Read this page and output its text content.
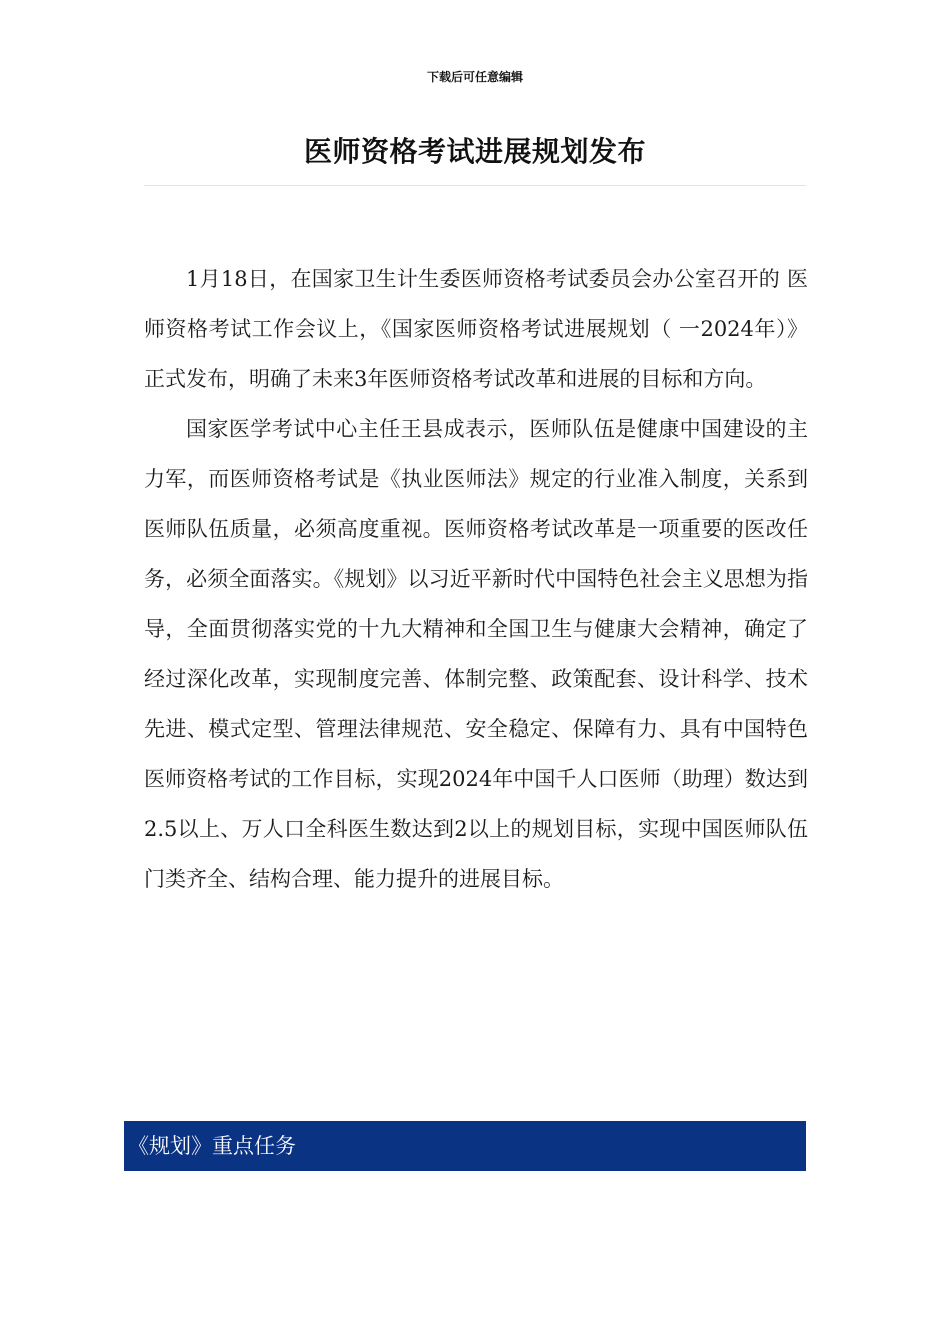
下载后可任意编辑
医师资格考试进展规划发布

1月18日，在国家卫生计生委医师资格考试委员会办公室召开的 医师资格考试工作会议上，《国家医师资格考试进展规划（ 一2024年）》正式发布，明确了未来3年医师资格考试改革和进展的目标和方向。

国家医学考试中心主任王县成表示，医师队伍是健康中国建设的主力军，而医师资格考试是《执业医师法》规定的行业准入制度，关系到医师队伍质量，必须高度重视。医师资格考试改革是一项重要的医改任务，必须全面落实。《规划》以习近平新时代中国特色社会主义思想为指导，全面贯彻落实党的十九大精神和全国卫生与健康大会精神，确定了经过深化改革，实现制度完善、体制完整、政策配套、设计科学、技术先进、模式定型、管理法律规范、安全稳定、保障有力、具有中国特色医师资格考试的工作目标，实现2024年中国千人口医师（助理）数达到2.5以上、万人口全科医生数达到2以上的规划目标，实现中国医师队伍门类齐全、结构合理、能力提升的进展目标。

《规划》重点任务
